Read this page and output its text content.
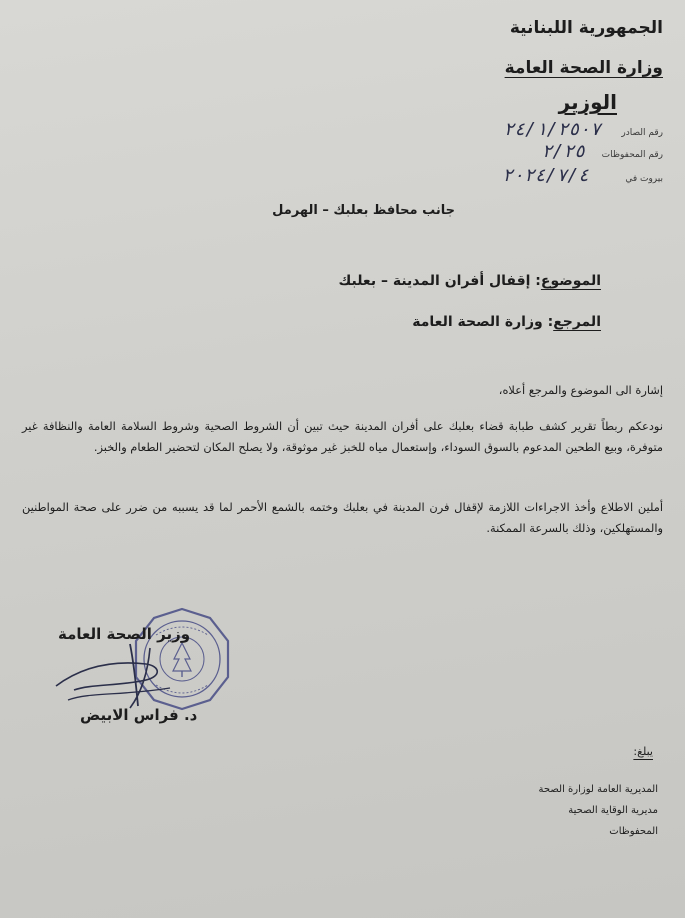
الجمهورية اللبنانية
وزارة الصحة العامة
الوزير
رقم الصادر
٢٤/١/٢٥٠٧
رقم المحفوظات
٢/٢٥
بيروت في
٢٠٢٤/٧/٤
جانب محافظ بعلبك – الهرمل
الموضوع: إقفال أفران المدينة – بعلبك
المرجع: وزارة الصحة العامة
إشارة الى الموضوع والمرجع أعلاه،
نودعكم ربطاً تقرير كشف طبابة قضاء بعلبك على أفران المدينة حيث تبين أن الشروط الصحية وشروط السلامة العامة والنظافة غير متوفرة، وبيع الطحين المدعوم بالسوق السوداء، وإستعمال مياه للخبز غير موثوقة، ولا يصلح المكان لتحضير الطعام والخبز.
أملين الاطلاع وأخذ الاجراءات اللازمة لإقفال فرن المدينة في بعلبك وختمه بالشمع الأحمر لما قد يسببه من ضرر على صحة المواطنين والمستهلكين، وذلك بالسرعة الممكنة.
وزير الصحة العامة
د. فراس الابيض
يبلغ:
المديرية العامة لوزارة الصحة
مديرية الوقاية الصحية
المحفوظات
